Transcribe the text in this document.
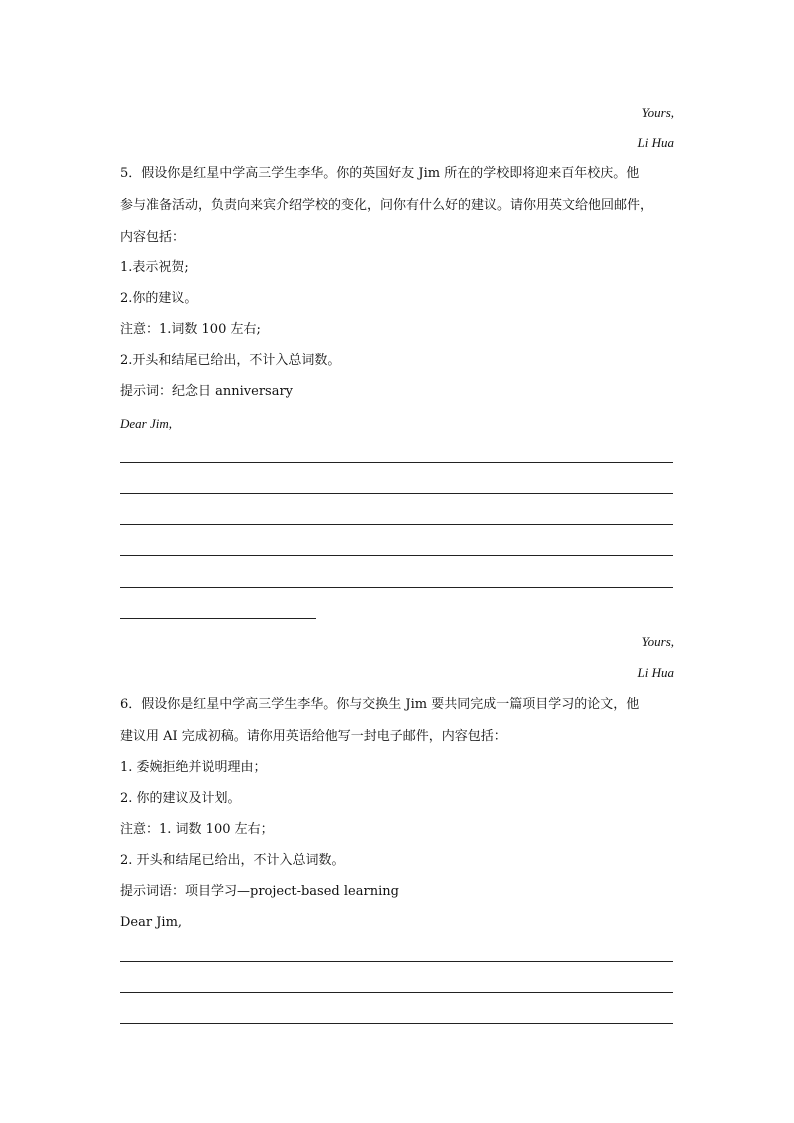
Yours,
Li Hua
5．假设你是红星中学高三学生李华。你的英国好友 Jim 所在的学校即将迎来百年校庆。他
参与准备活动，负责向来宾介绍学校的变化，问你有什么好的建议。请你用英文给他回邮件，
内容包括：
1.表示祝贺;
2.你的建议。
注意：1.词数 100 左右;
2.开头和结尾已给出，不计入总词数。
提示词：纪念日 anniversary
Dear Jim,
Yours,
Li Hua
6．假设你是红星中学高三学生李华。你与交换生 Jim 要共同完成一篇项目学习的论文，他
建议用 AI 完成初稿。请你用英语给他写一封电子邮件，内容包括：
1. 委婉拒绝并说明理由；
2. 你的建议及计划。
注意：1. 词数 100 左右；
2. 开头和结尾已给出，不计入总词数。
提示词语：项目学习—project-based learning
Dear Jim,
